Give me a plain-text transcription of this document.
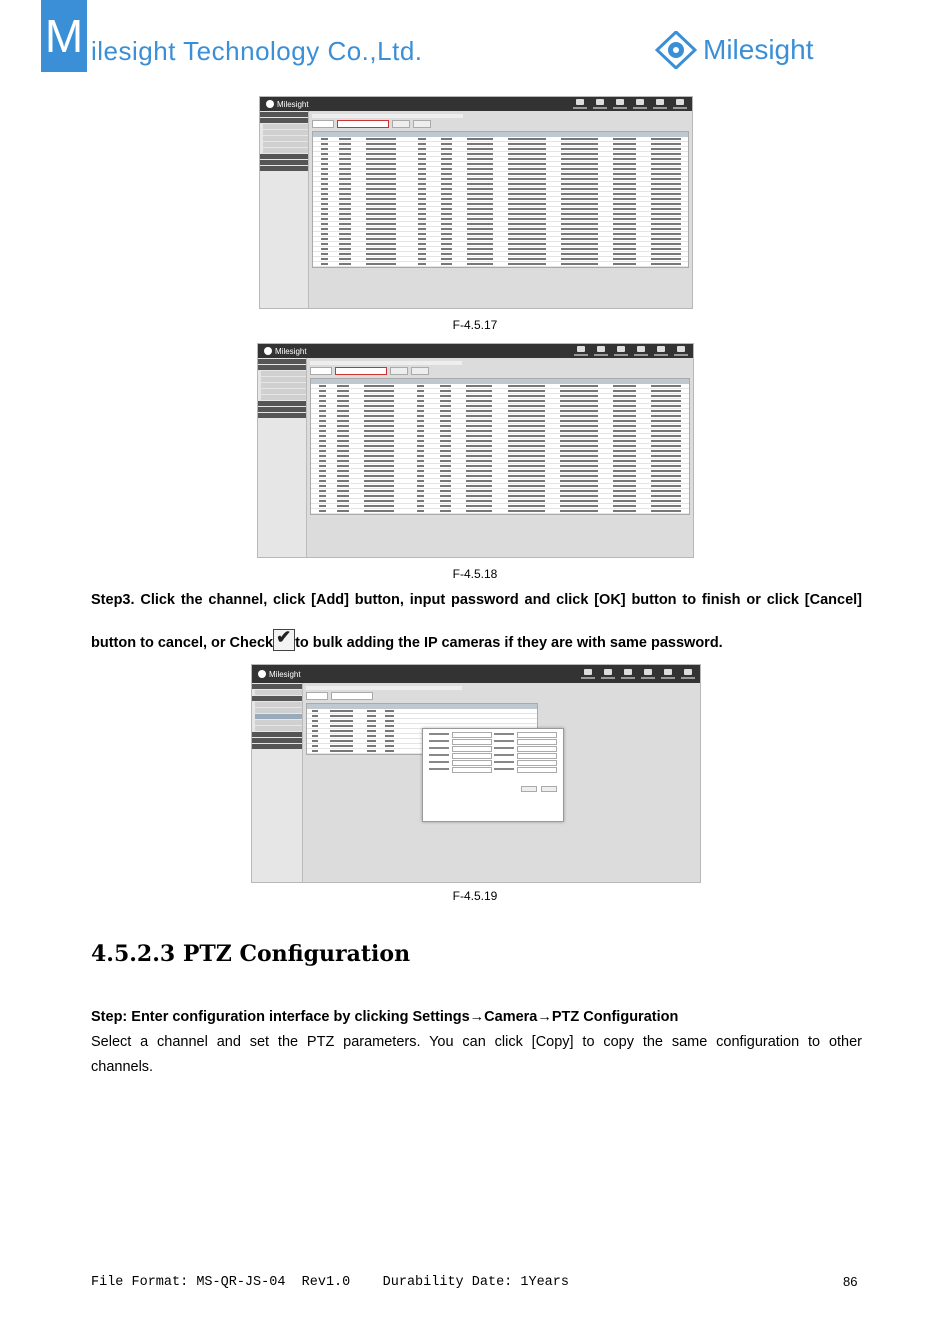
M ilesight Technology Co.,Ltd.	Milesight
Milesight
F-4.5.17
Milesight
F-4.5.18
Step3. Click the channel, click [Add] button, input password and click [OK] button to finish or click [Cancel]
button to cancel, or Check✔ to bulk adding the IP cameras if they are with same password.
Milesight
F-4.5.19
4.5.2.3 PTZ Configuration
Step: Enter configuration interface by clicking Settings→Camera→PTZ Configuration
Select a channel and set the PTZ parameters. You can click [Copy] to copy the same configuration to other
channels.
File Format: MS-QR-JS-04  Rev1.0    Durability Date: 1Years	86
